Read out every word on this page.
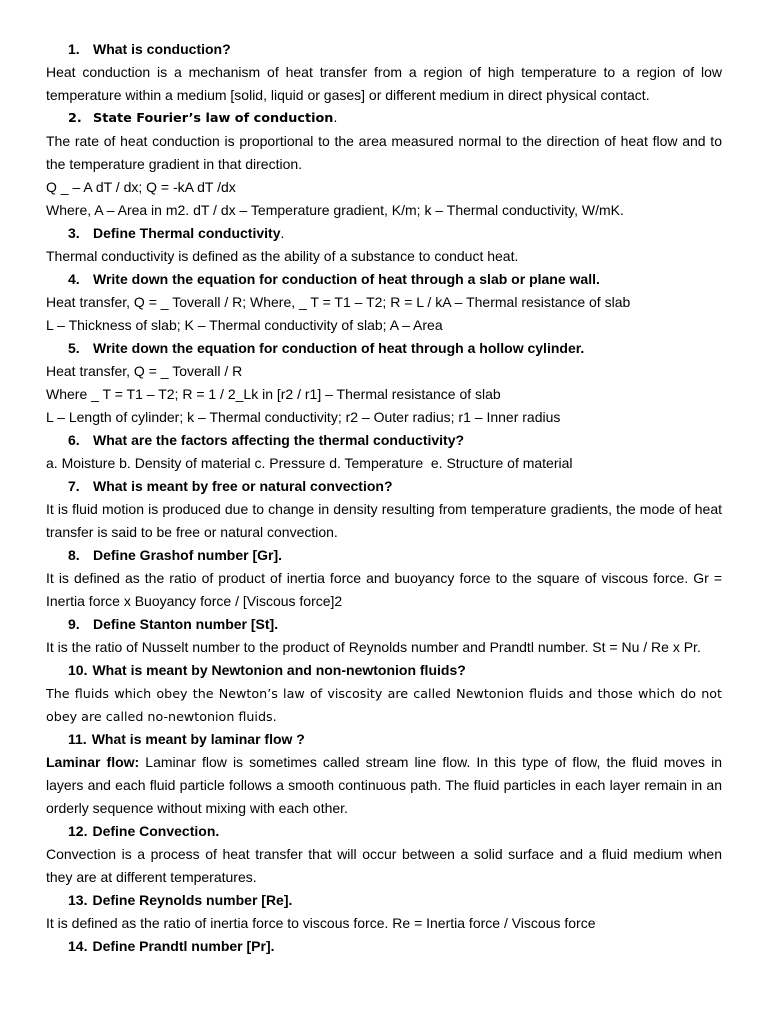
1. What is conduction?
Heat conduction is a mechanism of heat transfer from a region of high temperature to a region of low temperature within a medium [solid, liquid or gases] or different medium in direct physical contact.
2. State Fourier’s law of conduction.
The rate of heat conduction is proportional to the area measured normal to the direction of heat flow and to the temperature gradient in that direction.
Q _ – A dT / dx; Q = -kA dT /dx
Where, A – Area in m2. dT / dx – Temperature gradient, K/m; k – Thermal conductivity, W/mK.
3. Define Thermal conductivity.
Thermal conductivity is defined as the ability of a substance to conduct heat.
4. Write down the equation for conduction of heat through a slab or plane wall.
Heat transfer, Q = _ Toverall / R; Where, _ T = T1 – T2; R = L / kA – Thermal resistance of slab
L – Thickness of slab; K – Thermal conductivity of slab; A – Area
5. Write down the equation for conduction of heat through a hollow cylinder.
Heat transfer, Q = _ Toverall / R
Where _ T = T1 – T2; R = 1 / 2_Lk in [r2 / r1] – Thermal resistance of slab
L – Length of cylinder; k – Thermal conductivity; r2 – Outer radius; r1 – Inner radius
6. What are the factors affecting the thermal conductivity?
a. Moisture b. Density of material c. Pressure d. Temperature  e. Structure of material
7. What is meant by free or natural convection?
It is fluid motion is produced due to change in density resulting from temperature gradients, the mode of heat transfer is said to be free or natural convection.
8. Define Grashof number [Gr].
It is defined as the ratio of product of inertia force and buoyancy force to the square of viscous force. Gr = Inertia force x Buoyancy force / [Viscous force]2
9. Define Stanton number [St].
It is the ratio of Nusselt number to the product of Reynolds number and Prandtl number. St = Nu / Re x Pr.
10. What is meant by Newtonion and non-newtonion fluids?
The fluids which obey the Newton’s law of viscosity are called Newtonion fluids and those which do not obey are called no-newtonion fluids.
11. What is meant by laminar flow ?
Laminar flow: Laminar flow is sometimes called stream line flow. In this type of flow, the fluid moves in layers and each fluid particle follows a smooth continuous path. The fluid particles in each layer remain in an orderly sequence without mixing with each other.
12. Define Convection.
Convection is a process of heat transfer that will occur between a solid surface and a fluid medium when they are at different temperatures.
13. Define Reynolds number [Re].
It is defined as the ratio of inertia force to viscous force. Re = Inertia force / Viscous force
14. Define Prandtl number [Pr].
